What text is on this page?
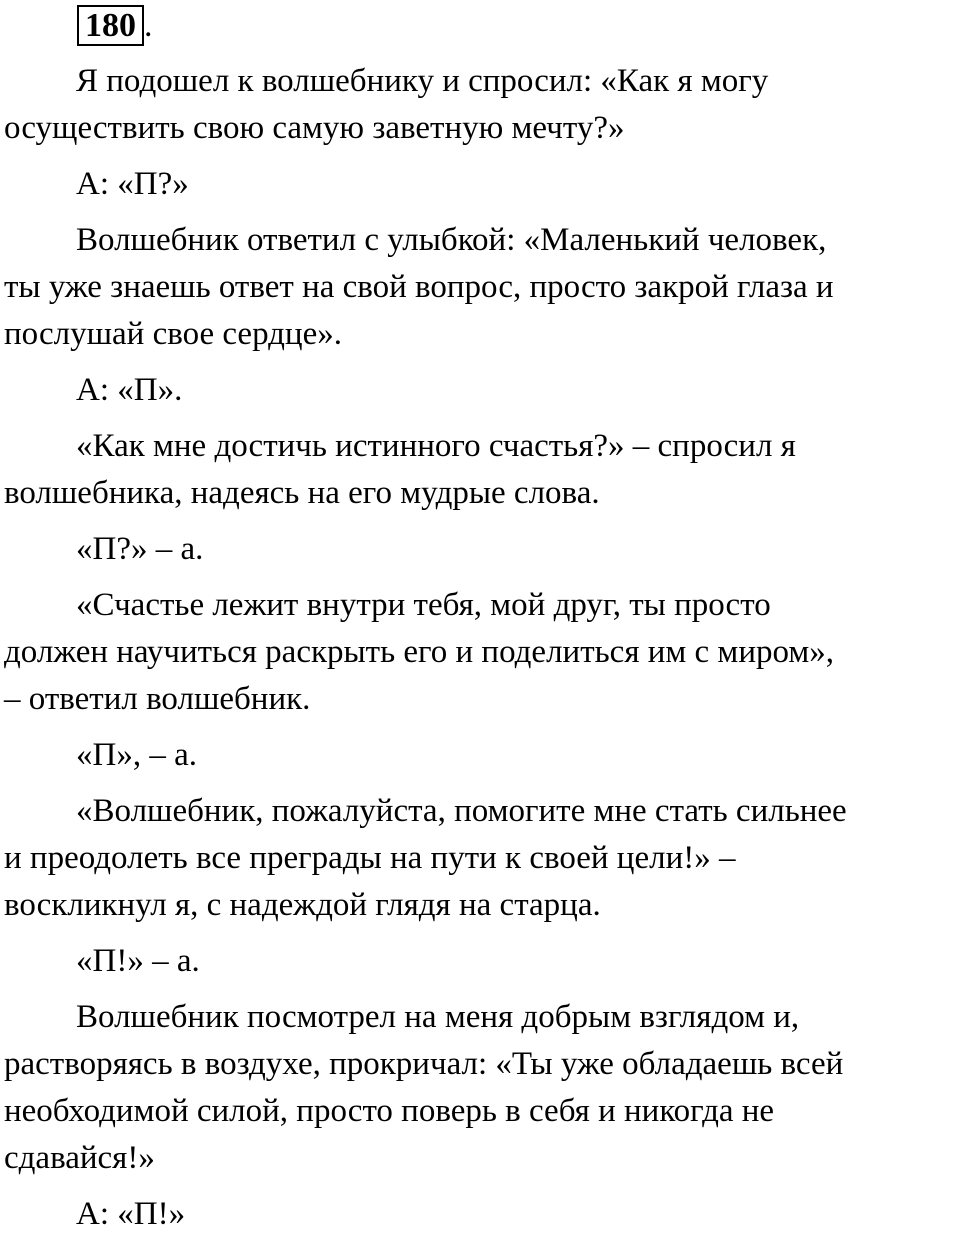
180 .

Я подошел к волшебнику и спросил: «Как я могу
осуществить свою самую заветную мечту?»

А: «П?»

Волшебник ответил с улыбкой: «Маленький человек,
ты уже знаешь ответ на свой вопрос, просто закрой глаза и
послушай свое сердце».

А: «П».

«Как мне достичь истинного счастья?» – спросил я
волшебника, надеясь на его мудрые слова.

«П?» – а.

«Счастье лежит внутри тебя, мой друг, ты просто
должен научиться раскрыть его и поделиться им с миром»,
– ответил волшебник.

«П», – а.

«Волшебник, пожалуйста, помогите мне стать сильнее
и преодолеть все преграды на пути к своей цели!» –
воскликнул я, с надеждой глядя на старца.

«П!» – а.

Волшебник посмотрел на меня добрым взглядом и,
растворяясь в воздухе, прокричал: «Ты уже обладаешь всей
необходимой силой, просто поверь в себя и никогда не
сдавайся!»

А: «П!»
